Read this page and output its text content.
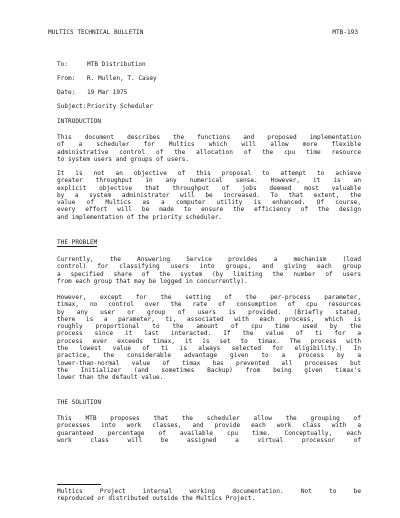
MULTICS TECHNICAL BULLETIN	MTB-193
To:	MTB Distribution
From: R. Mullen, T. Casey
Date: 19 Mar 1975
Subject:Priority Scheduler
INTRODUCTION
This document describes the functions and proposed implementation
of a scheduler for Multics which will allow more flexible
administrative control of the allocation of the cpu time resource
to system users and groups of users.
It is not an objective of this proposal to attempt to achieve
greater throughput in any numerical sense. However, it is an
explicit objective that throughput of jobs deemed most valuable
by a system administrator will be increased. To that extent, the
value of Multics as a computer utility is enhanced. Of course,
every effort will be made to ensure the efficiency of the design
and implementation of the priority scheduler.
THE PROBLEM
Currently, the Answering Service provides a mechanism (load
control) for classifying users into groups, and giving each group
a specified share of the system (by limiting the number of users
from each group that may be logged in concurrently).
However, except for the setting of the per-process parameter,
timax, no control over the rate of consumption of cpu resources
by any user or group of users is provided. (Briefly stated,
there is a parameter, ti, associated with each process, which is
roughly proportional to the amount of cpu time used by the
process since it last interacted. If the value of ti for a
process ever exceeds timax, it is set to timax. The process with
the lowest value of ti is always selected for eligibility.) In
practice, the considerable advantage given to a process by a
lower-than-normal value of timax has prevented all processes but
the Initializer (and sometimes Backup) from being given timax's
lower than the default value.
THE SOLUTION
This MTB proposes that the scheduler allow the grouping of
processes into work classes, and provide each work class with a
guaranteed percentage of available cpu time. Conceptually, each
work class will be assigned a virtual processor of
Multics Project internal working documentation. Not to be
reproduced or distributed outside the Multics Project.
